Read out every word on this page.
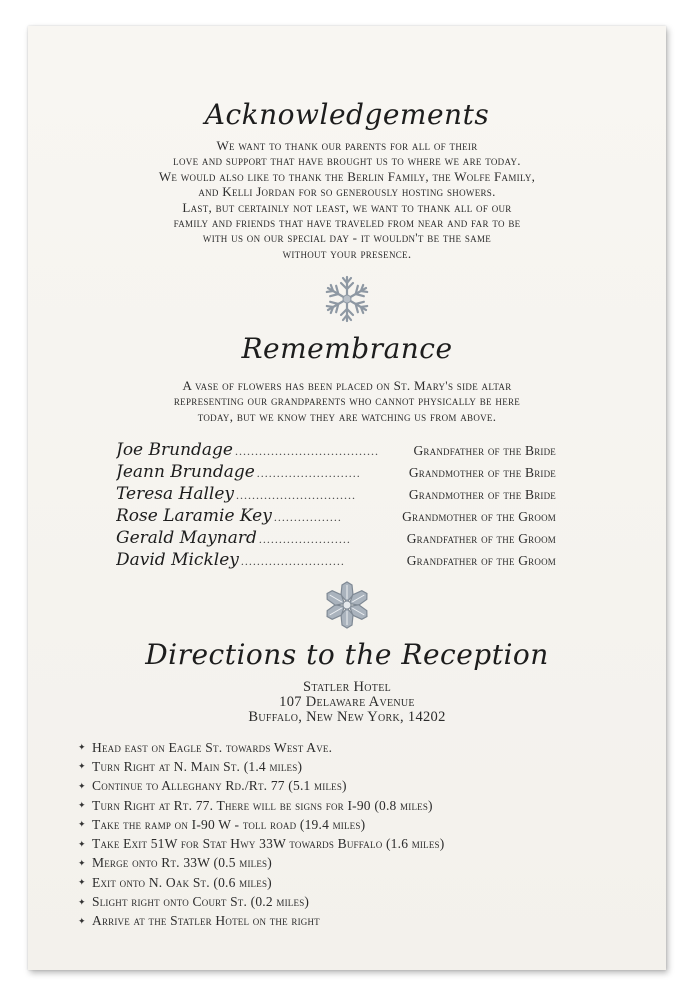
Acknowledgements
We want to thank our parents for all of their
love and support that have brought us to where we are today.
We would also like to thank the Berlin Family, the Wolfe Family,
and Kelli Jordan for so generously hosting showers.
Last, but certainly not least, we want to thank all of our
family and friends that have traveled from near and far to be
with us on our special day - it wouldn't be the same
without your presence.
Remembrance
A vase of flowers has been placed on St. Mary's side altar
representing our grandparents who cannot physically be here
today, but we know they are watching us from above.
Joe Brundage ....................................	Grandfather of the Bride
Jeann Brundage ..........................	Grandmother of the Bride
Teresa Halley ..............................	Grandmother of the Bride
Rose Laramie Key .................	Grandmother of the Groom
Gerald Maynard .......................	Grandfather of the Groom
David Mickley ..........................	Grandfather of the Groom
Directions to the Reception
Statler Hotel
107 Delaware Avenue
Buffalo, New New York, 14202
✦ Head east on Eagle St. towards West Ave.
✦ Turn Right at N. Main St. (1.4 miles)
✦ Continue to Alleghany Rd./Rt. 77 (5.1 miles)
✦ Turn Right at Rt. 77. There will be signs for I-90 (0.8 miles)
✦ Take the ramp on I-90 W - toll road (19.4 miles)
✦ Take Exit 51W for Stat Hwy 33W towards Buffalo (1.6 miles)
✦ Merge onto Rt. 33W (0.5 miles)
✦ Exit onto N. Oak St. (0.6 miles)
✦ Slight right onto Court St. (0.2 miles)
✦ Arrive at the Statler Hotel on the right
